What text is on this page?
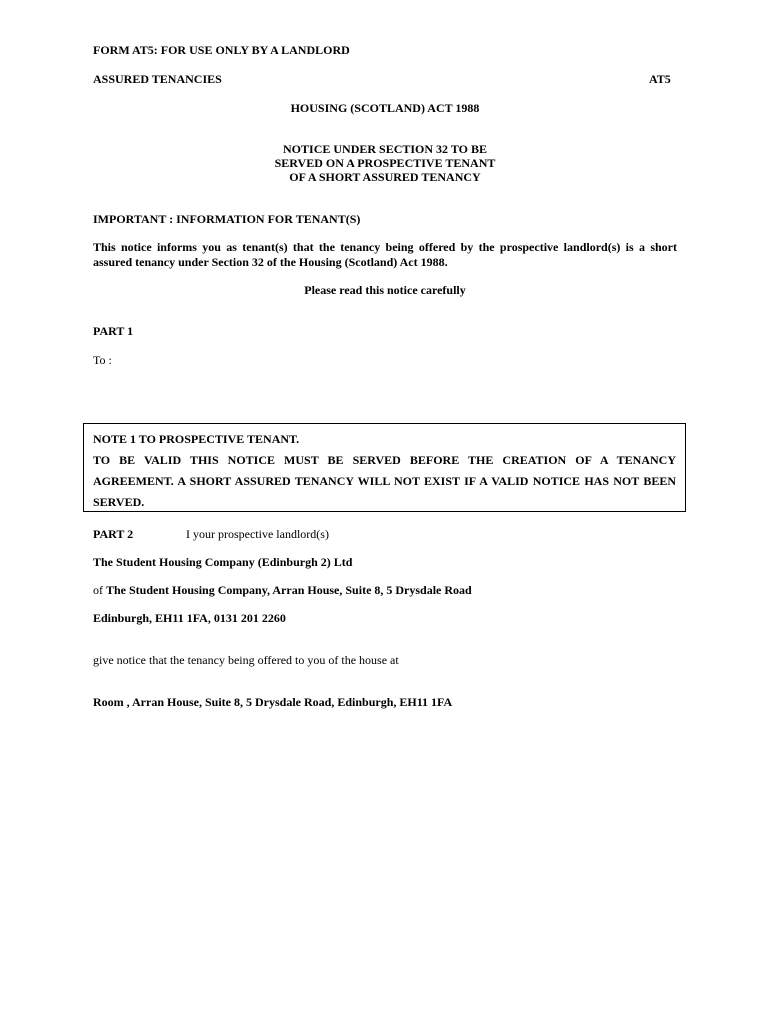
FORM AT5: FOR USE ONLY BY A LANDLORD
ASSURED TENANCIES	AT5
HOUSING (SCOTLAND) ACT 1988
NOTICE UNDER SECTION 32 TO BE
SERVED ON A PROSPECTIVE TENANT
OF A SHORT ASSURED TENANCY
IMPORTANT : INFORMATION FOR TENANT(S)
This notice informs you as tenant(s) that the tenancy being offered by the prospective landlord(s) is a short assured tenancy under Section 32 of the Housing (Scotland) Act 1988.
Please read this notice carefully
PART 1
To :
NOTE 1 TO PROSPECTIVE TENANT.
TO BE VALID THIS NOTICE MUST BE SERVED BEFORE THE CREATION OF A TENANCY AGREEMENT. A SHORT ASSURED TENANCY WILL NOT EXIST IF A VALID NOTICE HAS NOT BEEN SERVED.
PART 2	I your prospective landlord(s)
The Student Housing Company (Edinburgh 2) Ltd
of The Student Housing Company, Arran House, Suite 8, 5 Drysdale Road
Edinburgh, EH11 1FA, 0131 201 2260
give notice that the tenancy being offered to you of the house at
Room , Arran House, Suite 8, 5 Drysdale Road, Edinburgh, EH11 1FA
